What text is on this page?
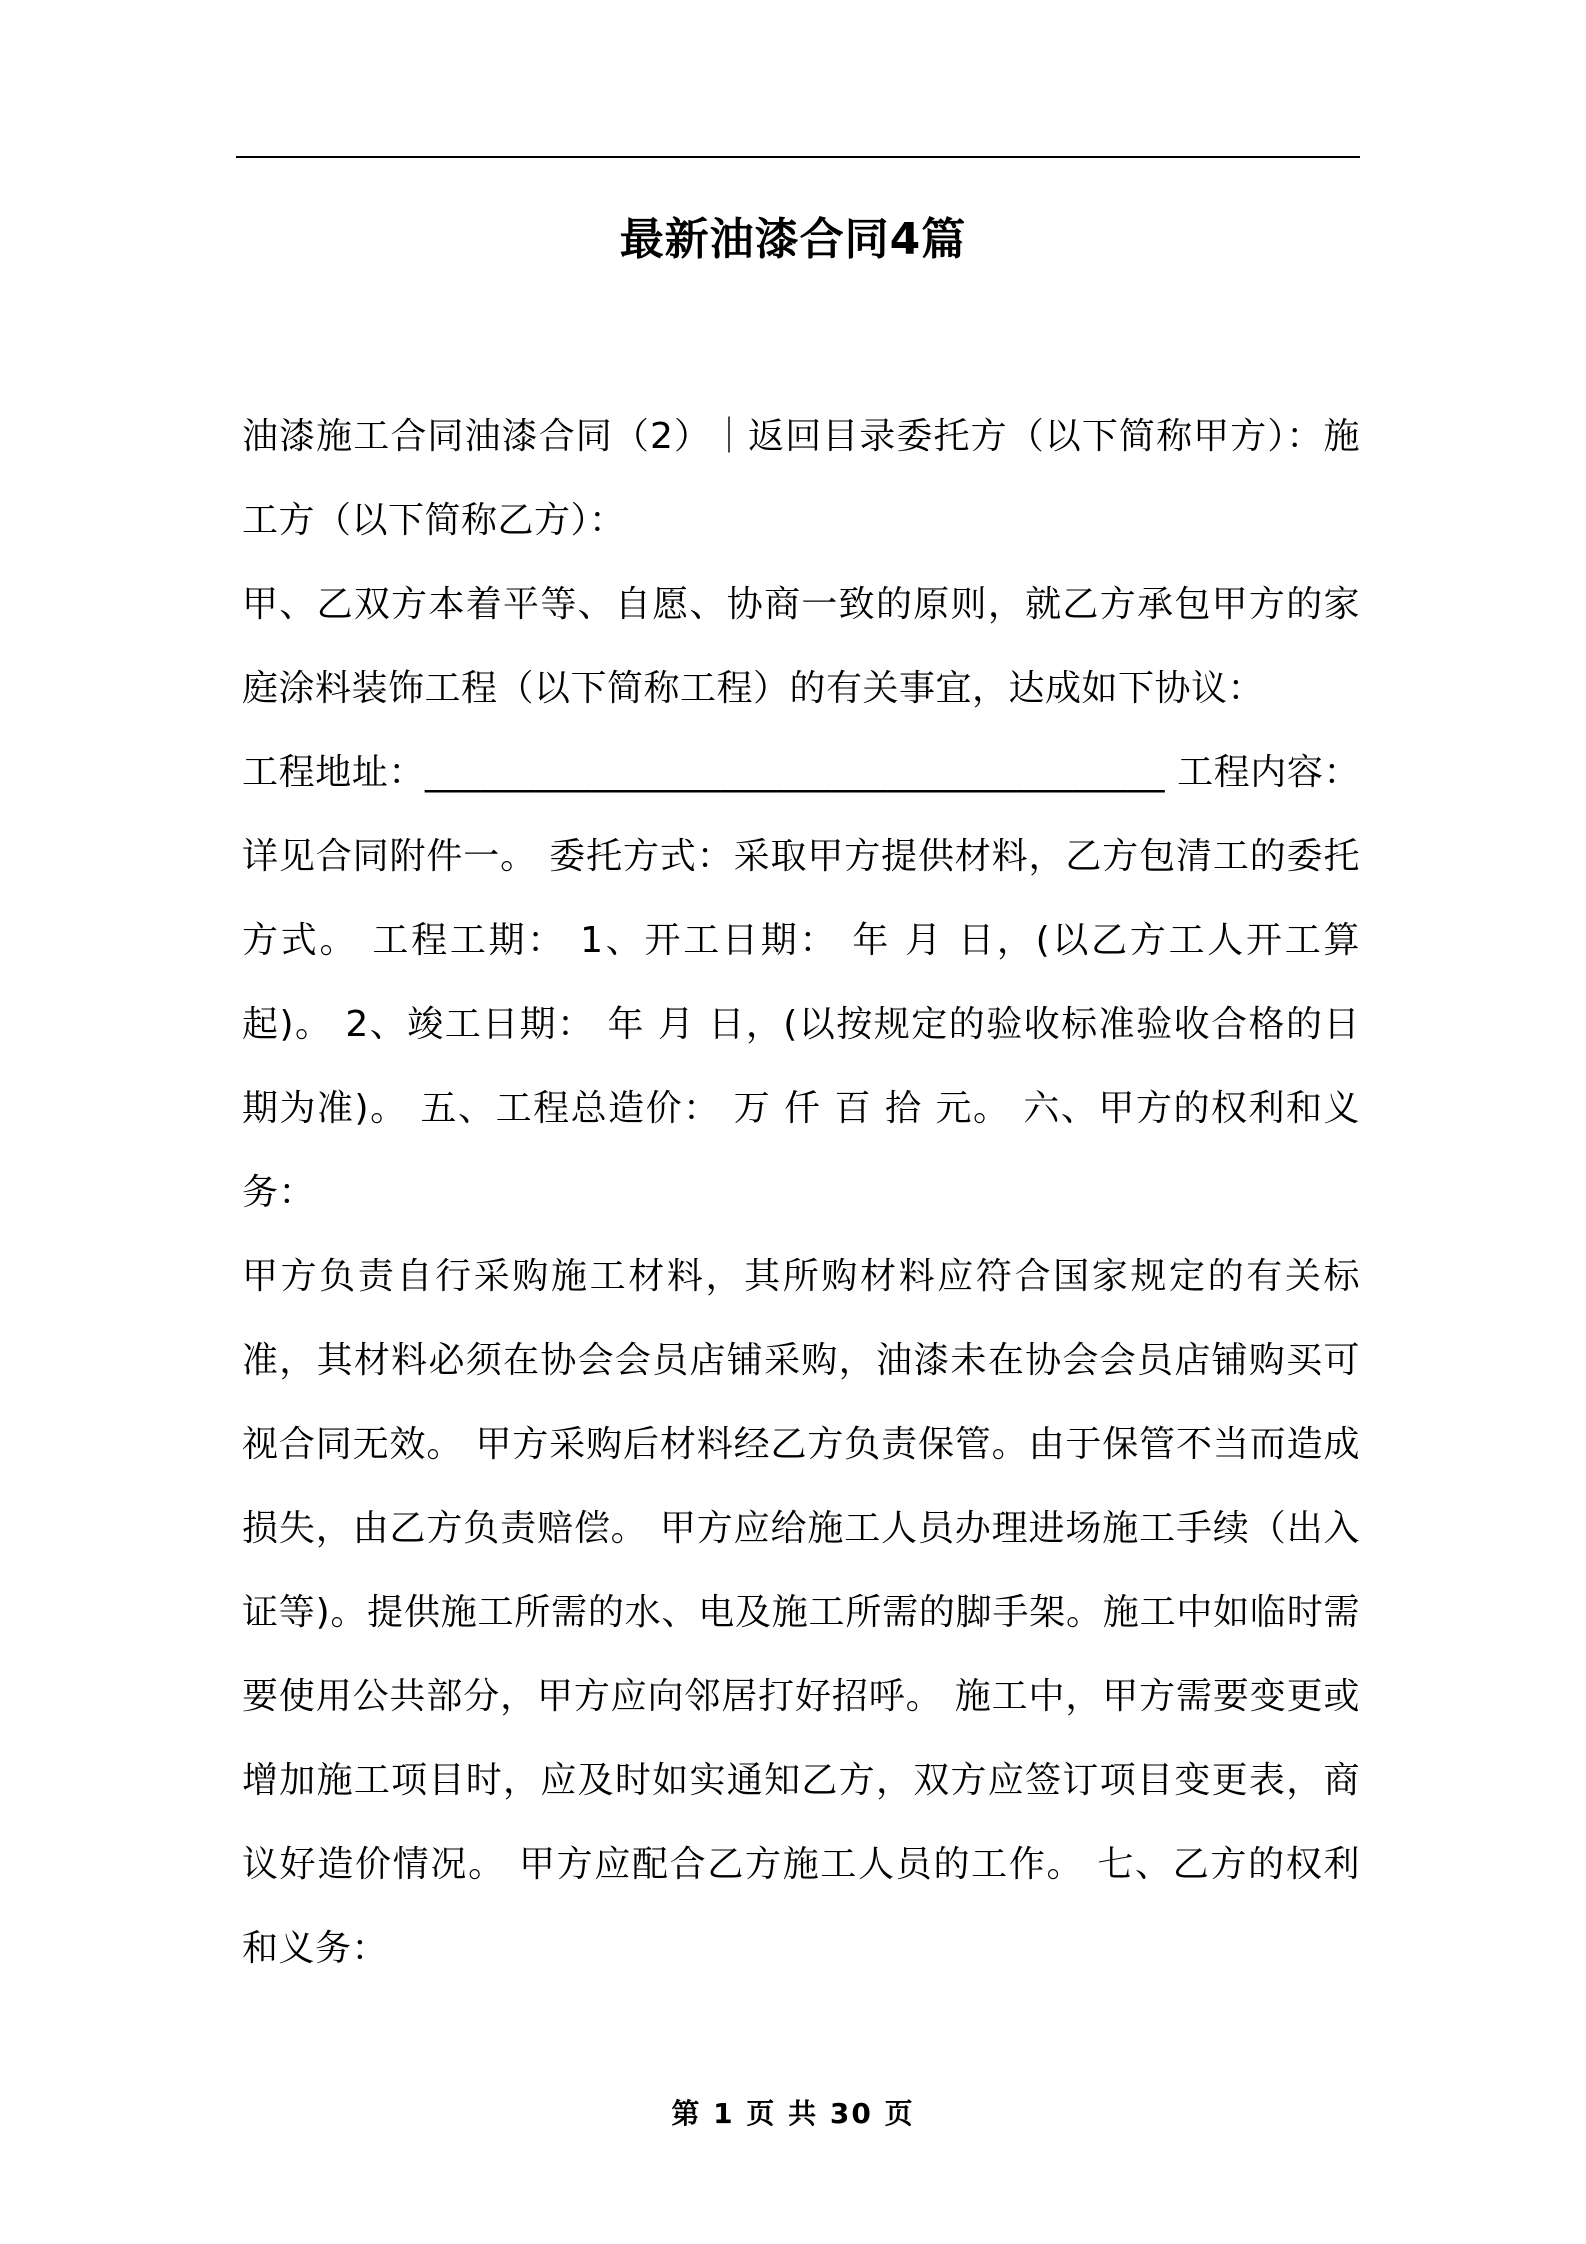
最新油漆合同4篇

油漆施工合同油漆合同（2）｜返回目录委托方（以下简称甲方）：施工方（以下简称乙方）：

甲、乙双方本着平等、自愿、协商一致的原则，就乙方承包甲方的家庭涂料装饰工程（以下简称工程）的有关事宜，达成如下协议：

工程地址：________________________________________ 工程内容：详见合同附件一。 委托方式：采取甲方提供材料，乙方包清工的委托方式。 工程工期： 1、开工日期： 年 月 日，(以乙方工人开工算起)。 2、竣工日期： 年 月 日，(以按规定的验收标准验收合格的日期为准)。 五、工程总造价： 万 仟 百 拾 元。 六、甲方的权利和义务：

甲方负责自行采购施工材料，其所购材料应符合国家规定的有关标准，其材料必须在协会会员店铺采购，油漆未在协会会员店铺购买可视合同无效。 甲方采购后材料经乙方负责保管。由于保管不当而造成损失，由乙方负责赔偿。 甲方应给施工人员办理进场施工手续（出入证等)。提供施工所需的水、电及施工所需的脚手架。施工中如临时需要使用公共部分，甲方应向邻居打好招呼。 施工中，甲方需要变更或增加施工项目时，应及时如实通知乙方，双方应签订项目变更表，商议好造价情况。 甲方应配合乙方施工人员的工作。 七、乙方的权利和义务：

第 1 页 共 30 页
